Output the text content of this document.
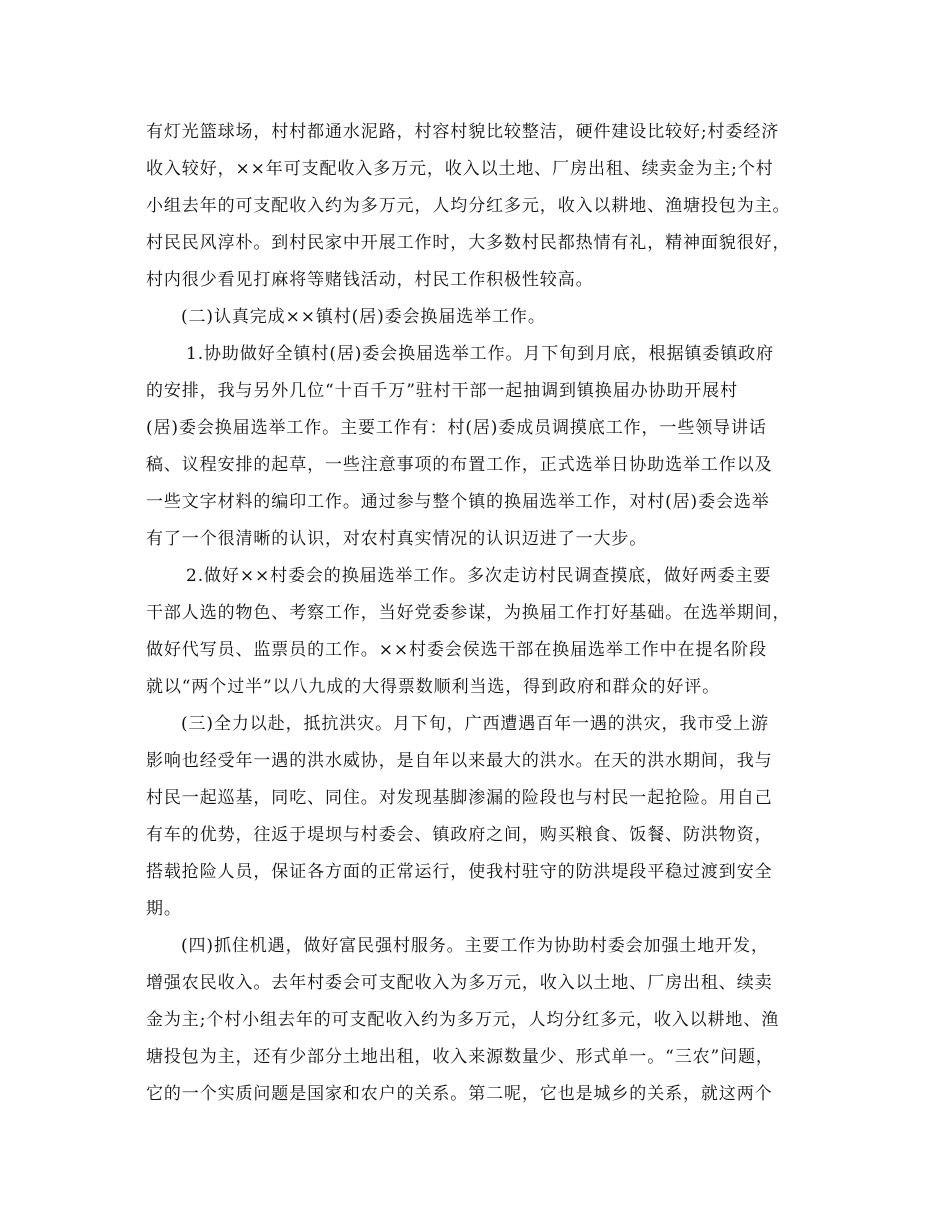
有灯光篮球场，村村都通水泥路，村容村貌比较整洁，硬件建设比较好;村委经济
收入较好，××年可支配收入多万元，收入以土地、厂房出租、续卖金为主;个村
小组去年的可支配收入约为多万元，人均分红多元，收入以耕地、渔塘投包为主。
村民民风淳朴。到村民家中开展工作时，大多数村民都热情有礼，精神面貌很好，
村内很少看见打麻将等赌钱活动，村民工作积极性较高。
(二)认真完成××镇村(居)委会换届选举工作。
1.协助做好全镇村(居)委会换届选举工作。月下旬到月底，根据镇委镇政府
的安排，我与另外几位“十百千万”驻村干部一起抽调到镇换届办协助开展村
(居)委会换届选举工作。主要工作有：村(居)委成员调摸底工作，一些领导讲话
稿、议程安排的起草，一些注意事项的布置工作，正式选举日协助选举工作以及
一些文字材料的编印工作。通过参与整个镇的换届选举工作，对村(居)委会选举
有了一个很清晰的认识，对农村真实情况的认识迈进了一大步。
2.做好××村委会的换届选举工作。多次走访村民调查摸底，做好两委主要
干部人选的物色、考察工作，当好党委参谋，为换届工作打好基础。在选举期间，
做好代写员、监票员的工作。××村委会侯选干部在换届选举工作中在提名阶段
就以“两个过半”以八九成的大得票数顺利当选，得到政府和群众的好评。
(三)全力以赴，抵抗洪灾。月下旬，广西遭遇百年一遇的洪灾，我市受上游
影响也经受年一遇的洪水威协，是自年以来最大的洪水。在天的洪水期间，我与
村民一起巡基，同吃、同住。对发现基脚渗漏的险段也与村民一起抢险。用自己
有车的优势，往返于堤坝与村委会、镇政府之间，购买粮食、饭餐、防洪物资，
搭载抢险人员，保证各方面的正常运行，使我村驻守的防洪堤段平稳过渡到安全
期。
(四)抓住机遇，做好富民强村服务。主要工作为协助村委会加强土地开发，
增强农民收入。去年村委会可支配收入为多万元，收入以土地、厂房出租、续卖
金为主;个村小组去年的可支配收入约为多万元，人均分红多元，收入以耕地、渔
塘投包为主，还有少部分土地出租，收入来源数量少、形式单一。“三农”问题，
它的一个实质问题是国家和农户的关系。第二呢，它也是城乡的关系，就这两个
